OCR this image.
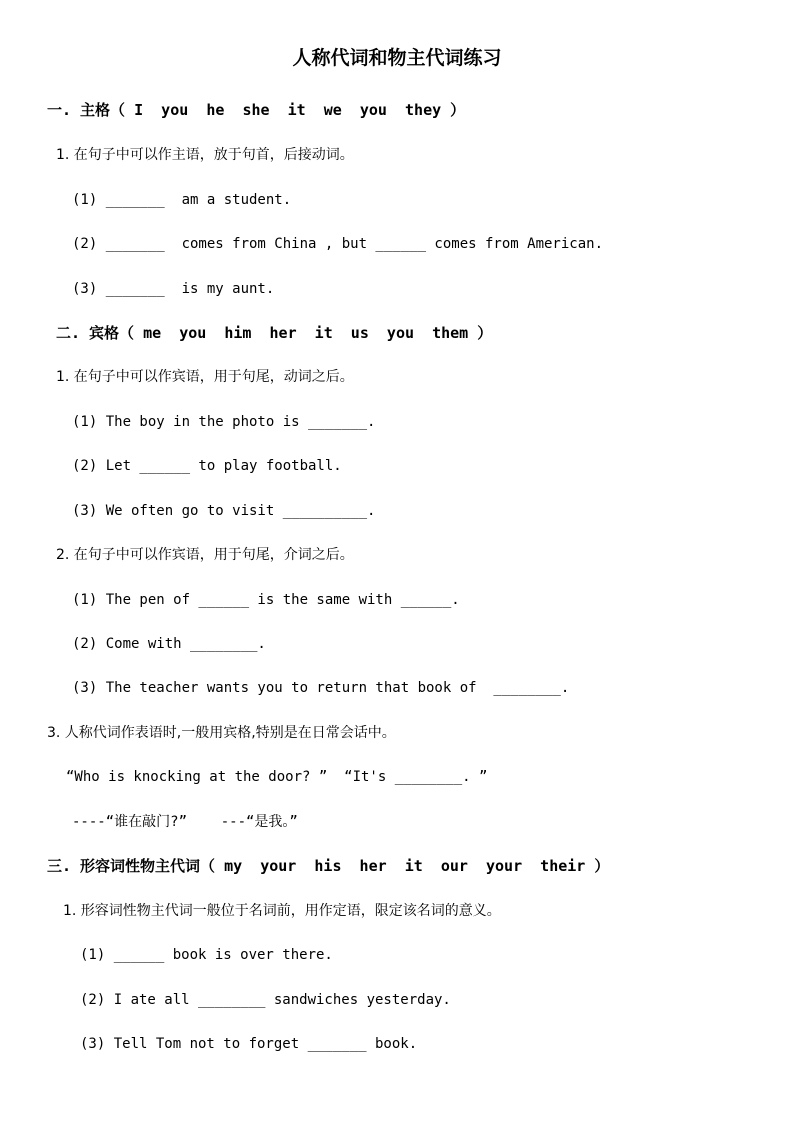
人称代词和物主代词练习
一. 主格（ I  you  he  she  it  we  you  they ）
1. 在句子中可以作主语，放于句首，后接动词。
(1) _______  am a student.
(2) _______  comes from China , but ______ comes from American.
(3) _______  is my aunt.
二. 宾格（ me  you  him  her  it  us  you  them ）
1. 在句子中可以作宾语，用于句尾，动词之后。
(1) The boy in the photo is _______.
(2) Let ______ to play football.
(3) We often go to visit __________.
2. 在句子中可以作宾语，用于句尾，介词之后。
(1) The pen of ______ is the same with ______.
(2) Come with ________.
(3) The teacher wants you to return that book of  ________.
3. 人称代词作表语时,一般用宾格,特别是在日常会话中。
“Who is knocking at the door? ”  “It's ________. ”
----“谁在敲门?”    ---“是我。”
三. 形容词性物主代词（ my  your  his  her  it  our  your  their ）
1. 形容词性物主代词一般位于名词前，用作定语，限定该名词的意义。
(1) ______ book is over there.
(2) I ate all ________ sandwiches yesterday.
(3) Tell Tom not to forget _______ book.
